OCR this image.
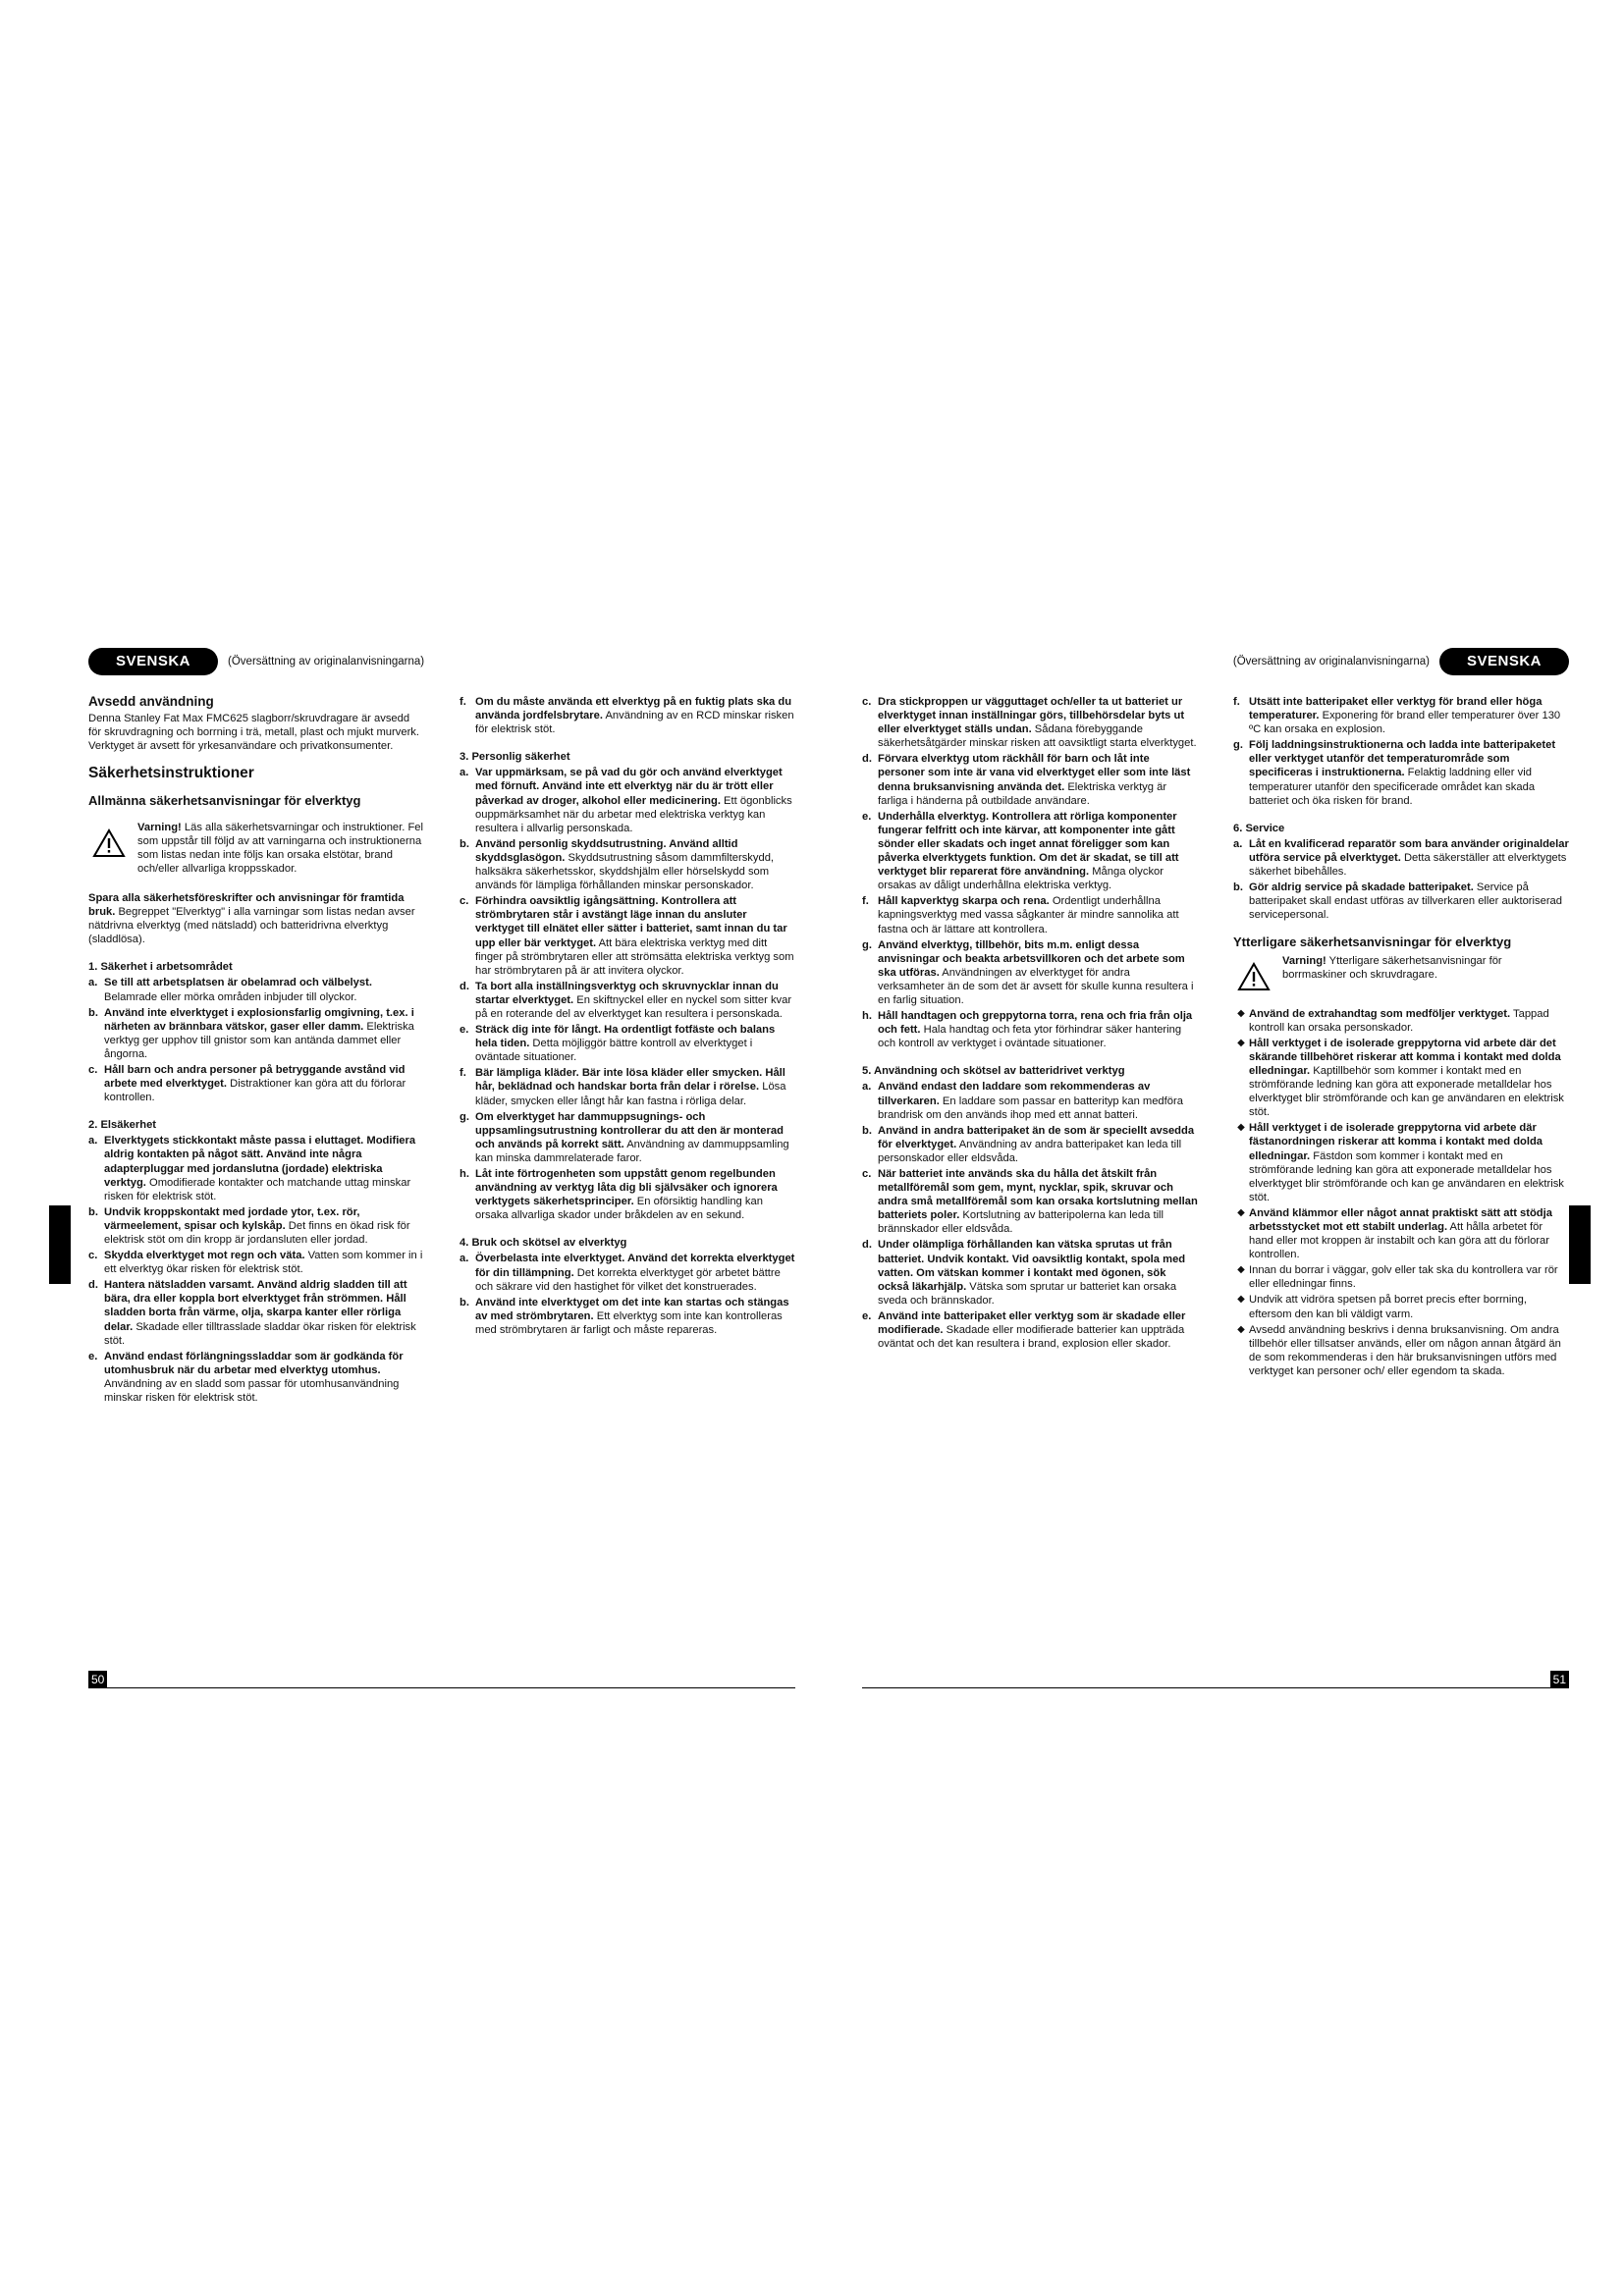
SVENSKA	(Översättning av originalanvisningarna)
Avsedd användning
Denna Stanley Fat Max FMC625 slagborr/skruvdragare är avsedd för skruvdragning och borrning i trä, metall, plast och mjukt murverk. Verktyget är avsett för yrkesanvändare och privatkonsumenter.
Säkerhetsinstruktioner
Allmänna säkerhetsanvisningar för elverktyg
Varning! Läs alla säkerhetsvarningar och instruktioner. Fel som uppstår till följd av att varningarna och instruktionerna som listas nedan inte följs kan orsaka elstötar, brand och/eller allvarliga kroppsskador.
Spara alla säkerhetsföreskrifter och anvisningar för framtida bruk. Begreppet "Elverktyg" i alla varningar som listas nedan avser nätdrivna elverktyg (med nätsladd) och batteridrivna elverktyg (sladdlösa).
1. Säkerhet i arbetsområdet
a. Se till att arbetsplatsen är obelamrad och välbelyst. Belamrade eller mörka områden inbjuder till olyckor.
b. Använd inte elverktyget i explosionsfarlig omgivning, t.ex. i närheten av brännbara vätskor, gaser eller damm. Elektriska verktyg ger upphov till gnistor som kan antända dammet eller ångorna.
c. Håll barn och andra personer på betryggande avstånd vid arbete med elverktyget. Distraktioner kan göra att du förlorar kontrollen.
2. Elsäkerhet
a. Elverktygets stickkontakt måste passa i eluttaget. Modifiera aldrig kontakten på något sätt. Använd inte några adapterpluggar med jordanslutna (jordade) elektriska verktyg. Omodifierade kontakter och matchande uttag minskar risken för elektrisk stöt.
b. Undvik kroppskontakt med jordade ytor, t.ex. rör, värmeelement, spisar och kylskåp. Det finns en ökad risk för elektrisk stöt om din kropp är jordansluten eller jordad.
c. Skydda elverktyget mot regn och väta. Vatten som kommer in i ett elverktyg ökar risken för elektrisk stöt.
d. Hantera nätsladden varsamt. Använd aldrig sladden till att bära, dra eller koppla bort elverktyget från strömmen. Håll sladden borta från värme, olja, skarpa kanter eller rörliga delar. Skadade eller tilltrasslade sladdar ökar risken för elektrisk stöt.
e. Använd endast förlängningssladdar som är godkända för utomhusbruk när du arbetar med elverktyg utomhus. Användning av en sladd som passar för utomhusanvändning minskar risken för elektrisk stöt.
f. Om du måste använda ett elverktyg på en fuktig plats ska du använda jordfelsbrytare. Användning av en RCD minskar risken för elektrisk stöt.
3. Personlig säkerhet
a. Var uppmärksam, se på vad du gör och använd elverktyget med förnuft. Använd inte ett elverktyg när du är trött eller påverkad av droger, alkohol eller medicinering. Ett ögonblicks ouppmärksamhet när du arbetar med elektriska verktyg kan resultera i allvarlig personskada.
b. Använd personlig skyddsutrustning. Använd alltid skyddsglasögon. Skyddsutrustning såsom dammfilterskydd, halksäkra säkerhetsskor, skyddshjälm eller hörselskydd som används för lämpliga förhållanden minskar personskador.
c. Förhindra oavsiktlig igångsättning. Kontrollera att strömbrytaren står i avstängt läge innan du ansluter verktyget till elnätet eller sätter i batteriet, samt innan du tar upp eller bär verktyget. Att bära elektriska verktyg med ditt finger på strömbrytaren eller att strömsätta elektriska verktyg som har strömbrytaren på är att invitera olyckor.
d. Ta bort alla inställningsverktyg och skruvnycklar innan du startar elverktyget. En skiftnyckel eller en nyckel som sitter kvar på en roterande del av elverktyget kan resultera i personskada.
e. Sträck dig inte för långt. Ha ordentligt fotfäste och balans hela tiden. Detta möjliggör bättre kontroll av elverktyget i oväntade situationer.
f. Bär lämpliga kläder. Bär inte lösa kläder eller smycken. Håll hår, beklädnad och handskar borta från delar i rörelse. Lösa kläder, smycken eller långt hår kan fastna i rörliga delar.
g. Om elverktyget har dammuppsugnings- och uppsamlingsutrustning kontrollerar du att den är monterad och används på korrekt sätt. Användning av dammuppsamling kan minska dammrelaterade faror.
h. Låt inte förtrogenheten som uppstått genom regelbunden användning av verktyg låta dig bli självsäker och ignorera verktygets säkerhetsprinciper. En oförsiktig handling kan orsaka allvarliga skador under bråkdelen av en sekund.
4. Bruk och skötsel av elverktyg
a. Överbelasta inte elverktyget. Använd det korrekta elverktyget för din tillämpning. Det korrekta elverktyget gör arbetet bättre och säkrare vid den hastighet för vilket det konstruerades.
b. Använd inte elverktyget om det inte kan startas och stängas av med strömbrytaren. Ett elverktyg som inte kan kontrolleras med strömbrytaren är farligt och måste repareras.
50
(Översättning av originalanvisningarna)	SVENSKA
c. Dra stickproppen ur vägguttaget och/eller ta ut batteriet ur elverktyget innan inställningar görs, tillbehörsdelar byts ut eller elverktyget ställs undan. Sådana förebyggande säkerhetsåtgärder minskar risken att oavsiktligt starta elverktyget.
d. Förvara elverktyg utom räckhåll för barn och låt inte personer som inte är vana vid elverktyget eller som inte läst denna bruksanvisning använda det. Elektriska verktyg är farliga i händerna på outbildade användare.
e. Underhålla elverktyg. Kontrollera att rörliga komponenter fungerar felfritt och inte kärvar, att komponenter inte gått sönder eller skadats och inget annat föreligger som kan påverka elverktygets funktion. Om det är skadat, se till att verktyget blir reparerat före användning. Många olyckor orsakas av dåligt underhållna elektriska verktyg.
f. Håll kapverktyg skarpa och rena. Ordentligt underhållna kapningsverktyg med vassa sågkanter är mindre sannolika att fastna och är lättare att kontrollera.
g. Använd elverktyg, tillbehör, bits m.m. enligt dessa anvisningar och beakta arbetsvillkoren och det arbete som ska utföras. Användningen av elverktyget för andra verksamheter än de som det är avsett för skulle kunna resultera i en farlig situation.
h. Håll handtagen och greppytorna torra, rena och fria från olja och fett. Hala handtag och feta ytor förhindrar säker hantering och kontroll av verktyget i oväntade situationer.
5. Användning och skötsel av batteridrivet verktyg
a. Använd endast den laddare som rekommenderas av tillverkaren. En laddare som passar en batterityp kan medföra brandrisk om den används ihop med ett annat batteri.
b. Använd in andra batteripaket än de som är speciellt avsedda för elverktyget. Användning av andra batteripaket kan leda till personskador eller eldsvåda.
c. När batteriet inte används ska du hålla det åtskilt från metallföremål som gem, mynt, nycklar, spik, skruvar och andra små metallföremål som kan orsaka kortslutning mellan batteriets poler. Kortslutning av batteripolerna kan leda till brännskador eller eldsvåda.
d. Under olämpliga förhållanden kan vätska sprutas ut från batteriet. Undvik kontakt. Vid oavsiktlig kontakt, spola med vatten. Om vätskan kommer i kontakt med ögonen, sök också läkarhjälp. Vätska som sprutar ur batteriet kan orsaka sveda och brännskador.
e. Använd inte batteripaket eller verktyg som är skadade eller modifierade. Skadade eller modifierade batterier kan uppträda oväntat och det kan resultera i brand, explosion eller skador.
f. Utsätt inte batteripaket eller verktyg för brand eller höga temperaturer. Exponering för brand eller temperaturer över 130 ºC kan orsaka en explosion.
g. Följ laddningsinstruktionerna och ladda inte batteripaketet eller verktyget utanför det temperaturområde som specificeras i instruktionerna. Felaktig laddning eller vid temperaturer utanför den specificerade området kan skada batteriet och öka risken för brand.
6. Service
a. Låt en kvalificerad reparatör som bara använder originaldelar utföra service på elverktyget. Detta säkerställer att elverktygets säkerhet bibehålles.
b. Gör aldrig service på skadade batteripaket. Service på batteripaket skall endast utföras av tillverkaren eller auktoriserad servicepersonal.
Ytterligare säkerhetsanvisningar för elverktyg
Varning! Ytterligare säkerhetsanvisningar för borrmaskiner och skruvdragare.
◆ Använd de extrahandtag som medföljer verktyget. Tappad kontroll kan orsaka personskador.
◆ Håll verktyget i de isolerade greppytorna vid arbete där det skärande tillbehöret riskerar att komma i kontakt med dolda elledningar. Kaptillbehör som kommer i kontakt med en strömförande ledning kan göra att exponerade metalldelar hos elverktyget blir strömförande och kan ge användaren en elektrisk stöt.
◆ Håll verktyget i de isolerade greppytorna vid arbete där fästanordningen riskerar att komma i kontakt med dolda elledningar. Fästdon som kommer i kontakt med en strömförande ledning kan göra att exponerade metalldelar hos elverktyget blir strömförande och kan ge användaren en elektrisk stöt.
◆ Använd klämmor eller något annat praktiskt sätt att stödja arbetsstycket mot ett stabilt underlag. Att hålla arbetet för hand eller mot kroppen är instabilt och kan göra att du förlorar kontrollen.
◆ Innan du borrar i väggar, golv eller tak ska du kontrollera var rör eller elledningar finns.
◆ Undvik att vidröra spetsen på borret precis efter borrning, eftersom den kan bli väldigt varm.
◆ Avsedd användning beskrivs i denna bruksanvisning. Om andra tillbehör eller tillsatser används, eller om någon annan åtgärd än de som rekommenderas i den här bruksanvisningen utförs med verktyget kan personer och/ eller egendom ta skada.
51
